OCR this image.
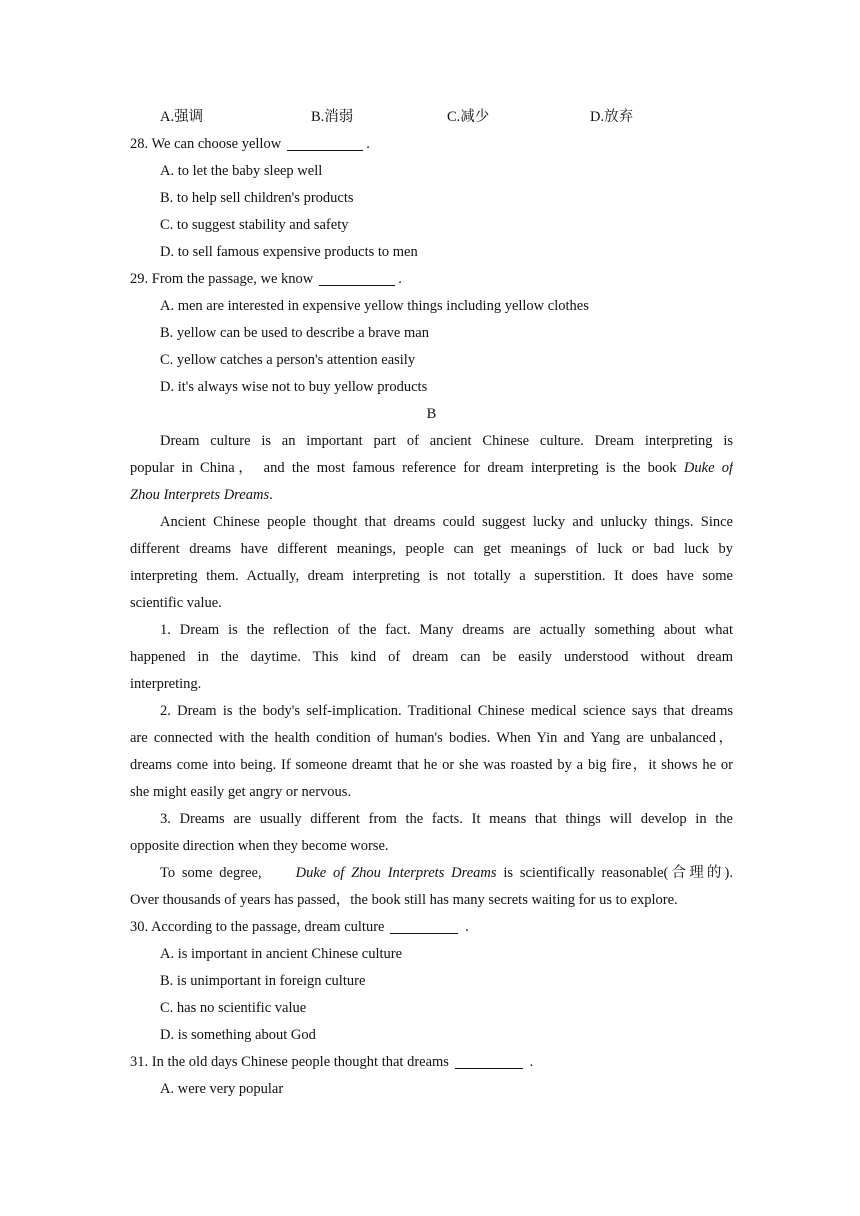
A.强调	B.消弱	C.减少	D.放弃
28. We can choose yellow	.
A. to let the baby sleep well
B. to help sell children's products
C. to suggest stability and safety
D. to sell famous expensive products to men
29. From the passage, we know	.
A. men are interested in expensive yellow things including yellow clothes
B. yellow can be used to describe a brave man
C. yellow catches a person's attention easily
D. it's always wise not to buy yellow products
B
Dream culture is an important part of ancient Chinese culture. Dream interpreting is
popular in China， and the most famous reference for dream interpreting is the book Duke of
Zhou Interprets Dreams.
Ancient Chinese people thought that dreams could suggest lucky and unlucky things. Since
different dreams have different meanings, people can get meanings of luck or bad luck by
interpreting them. Actually, dream interpreting is not totally a superstition. It does have some
scientific value.
1. Dream is the reflection of the fact. Many dreams are actually something about what
happened in the daytime. This kind of dream can be easily understood without dream
interpreting.
2. Dream is the body's self-implication. Traditional Chinese medical science says that dreams
are connected with the health condition of human's bodies. When Yin and Yang are unbalanced，
dreams come into being. If someone dreamt that he or she was roasted by a big fire，it shows he or
she might easily get angry or nervous.
3. Dreams are usually different from the facts. It means that things will develop in the
opposite direction when they become worse.
To some degree, Duke of Zhou Interprets Dreams is scientifically reasonable(合理的).
Over thousands of years has passed，the book still has many secrets waiting for us to explore.
30. According to the passage, dream culture	.
A. is important in ancient Chinese culture
B. is unimportant in foreign culture
C. has no scientific value
D. is something about God
31. In the old days Chinese people thought that dreams	.
A. were very popular
